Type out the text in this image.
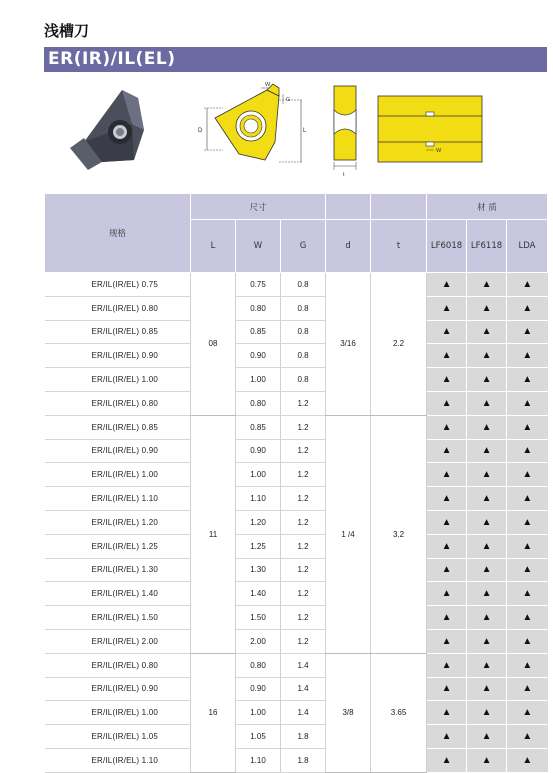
浅槽刀
ER(IR)/IL(EL)
D	L
W
G
t
W
规格	尺寸					材 质		
	L	W	G	d	t	LF6018	LF6118	LDA
ER/IL(IR/EL) 0.75	08	0.75	0.8	3/16	2.2	▲	▲	▲
ER/IL(IR/EL) 0.80		0.80	0.8			▲	▲	▲
ER/IL(IR/EL) 0.85		0.85	0.8			▲	▲	▲
ER/IL(IR/EL) 0.90		0.90	0.8			▲	▲	▲
ER/IL(IR/EL) 1.00		1.00	0.8			▲	▲	▲
ER/IL(IR/EL) 0.80		0.80	1.2			▲	▲	▲
ER/IL(IR/EL) 0.85	11	0.85	1.2	1 /4	3.2	▲	▲	▲
ER/IL(IR/EL) 0.90		0.90	1.2			▲	▲	▲
ER/IL(IR/EL) 1.00		1.00	1.2			▲	▲	▲
ER/IL(IR/EL) 1.10		1.10	1.2			▲	▲	▲
ER/IL(IR/EL) 1.20		1.20	1.2			▲	▲	▲
ER/IL(IR/EL) 1.25		1.25	1.2			▲	▲	▲
ER/IL(IR/EL) 1.30		1.30	1.2			▲	▲	▲
ER/IL(IR/EL) 1.40		1.40	1.2			▲	▲	▲
ER/IL(IR/EL) 1.50		1.50	1.2			▲	▲	▲
ER/IL(IR/EL) 2.00		2.00	1.2			▲	▲	▲
ER/IL(IR/EL) 0.80	16	0.80	1.4	3/8	3.65	▲	▲	▲
ER/IL(IR/EL) 0.90		0.90	1.4			▲	▲	▲
ER/IL(IR/EL) 1.00		1.00	1.4			▲	▲	▲
ER/IL(IR/EL) 1.05		1.05	1.8			▲	▲	▲
ER/IL(IR/EL) 1.10		1.10	1.8			▲	▲	▲
